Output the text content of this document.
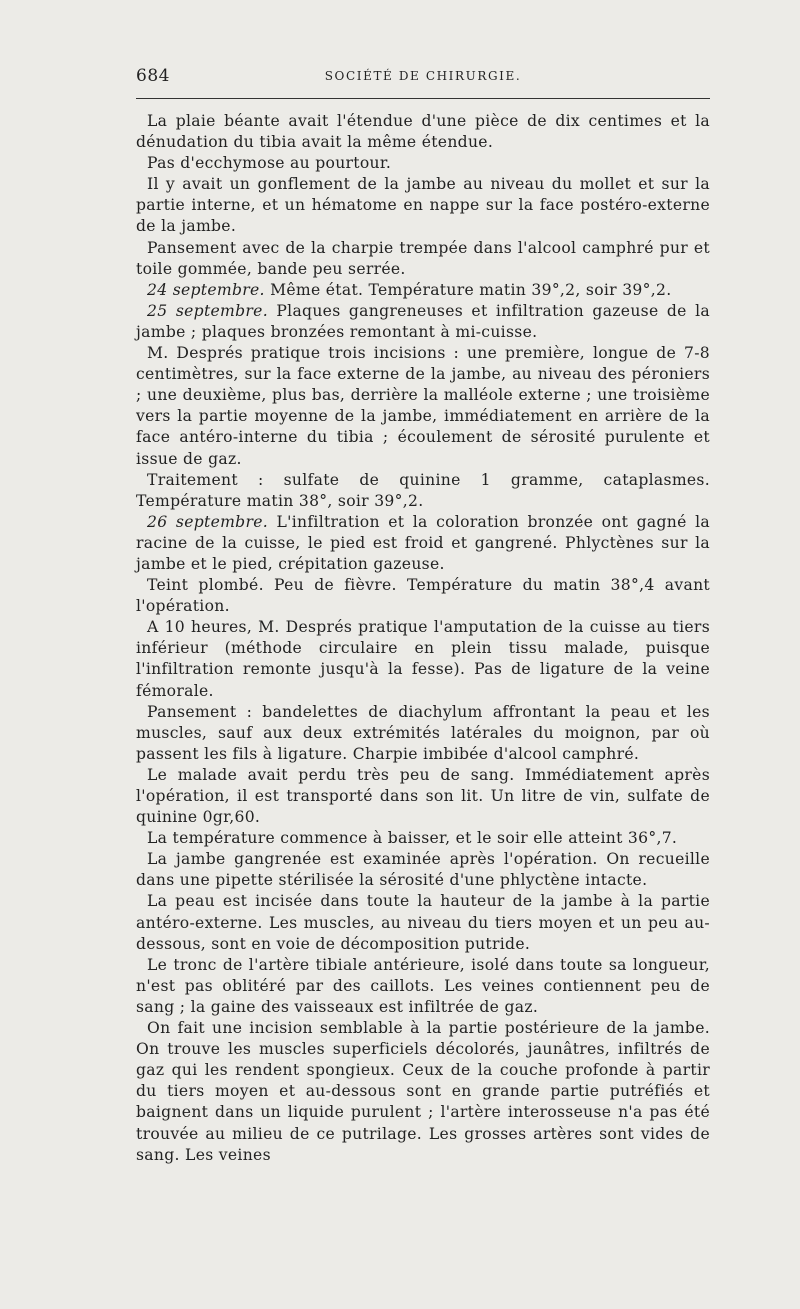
684	SOCIÉTÉ DE CHIRURGIE.

La plaie béante avait l'étendue d'une pièce de dix centimes et la dénudation du tibia avait la même étendue.

Pas d'ecchymose au pourtour.

Il y avait un gonflement de la jambe au niveau du mollet et sur la partie interne, et un hématome en nappe sur la face postéro-externe de la jambe.

Pansement avec de la charpie trempée dans l'alcool camphré pur et toile gommée, bande peu serrée.

24 septembre. Même état. Température matin 39°,2, soir 39°,2.

25 septembre. Plaques gangreneuses et infiltration gazeuse de la jambe ; plaques bronzées remontant à mi-cuisse.

M. Després pratique trois incisions : une première, longue de 7-8 centimètres, sur la face externe de la jambe, au niveau des péroniers ; une deuxième, plus bas, derrière la malléole externe ; une troisième vers la partie moyenne de la jambe, immédiatement en arrière de la face antéro-interne du tibia ; écoulement de sérosité purulente et issue de gaz.

Traitement : sulfate de quinine 1 gramme, cataplasmes. Température matin 38°, soir 39°,2.

26 septembre. L'infiltration et la coloration bronzée ont gagné la racine de la cuisse, le pied est froid et gangrené. Phlyctènes sur la jambe et le pied, crépitation gazeuse.

Teint plombé. Peu de fièvre. Température du matin 38°,4 avant l'opération.

A 10 heures, M. Després pratique l'amputation de la cuisse au tiers inférieur (méthode circulaire en plein tissu malade, puisque l'infiltration remonte jusqu'à la fesse). Pas de ligature de la veine fémorale.

Pansement : bandelettes de diachylum affrontant la peau et les muscles, sauf aux deux extrémités latérales du moignon, par où passent les fils à ligature. Charpie imbibée d'alcool camphré.

Le malade avait perdu très peu de sang. Immédiatement après l'opération, il est transporté dans son lit. Un litre de vin, sulfate de quinine 0gr,60.

La température commence à baisser, et le soir elle atteint 36°,7.

La jambe gangrenée est examinée après l'opération. On recueille dans une pipette stérilisée la sérosité d'une phlyctène intacte.

La peau est incisée dans toute la hauteur de la jambe à la partie antéro-externe. Les muscles, au niveau du tiers moyen et un peu au-dessous, sont en voie de décomposition putride.

Le tronc de l'artère tibiale antérieure, isolé dans toute sa longueur, n'est pas oblitéré par des caillots. Les veines contiennent peu de sang ; la gaine des vaisseaux est infiltrée de gaz.

On fait une incision semblable à la partie postérieure de la jambe. On trouve les muscles superficiels décolorés, jaunâtres, infiltrés de gaz qui les rendent spongieux. Ceux de la couche profonde à partir du tiers moyen et au-dessous sont en grande partie putréfiés et baignent dans un liquide purulent ; l'artère interosseuse n'a pas été trouvée au milieu de ce putrilage. Les grosses artères sont vides de sang. Les veines
